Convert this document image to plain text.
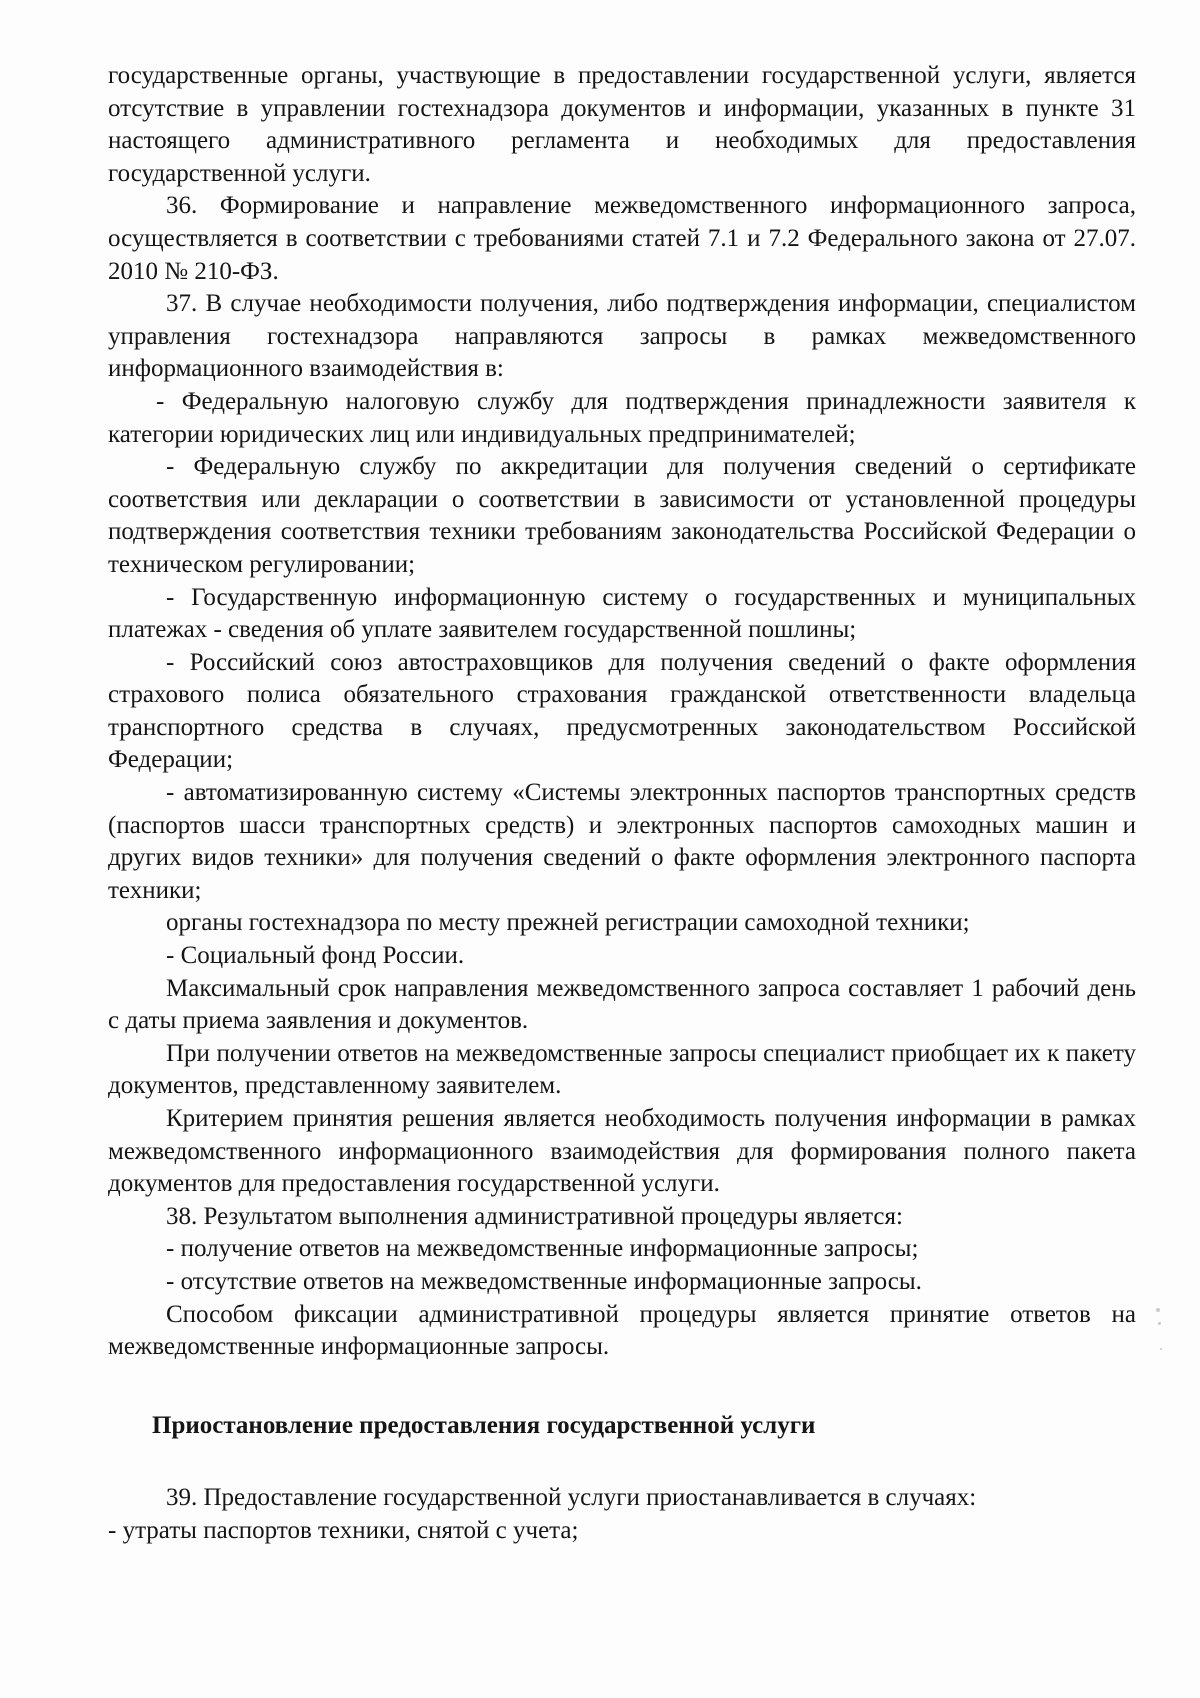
государственные органы, участвующие в предоставлении государственной услуги, является отсутствие в управлении гостехнадзора документов и информации, указанных в пункте 31 настоящего административного регламента и необходимых для предоставления государственной услуги.

36. Формирование и направление межведомственного информационного запроса, осуществляется в соответствии с требованиями статей 7.1 и 7.2 Федерального закона от 27.07. 2010 № 210-ФЗ.

37. В случае необходимости получения, либо подтверждения информации, специалистом управления гостехнадзора направляются запросы в рамках межведомственного информационного взаимодействия в:

- Федеральную налоговую службу для подтверждения принадлежности заявителя к категории юридических лиц или индивидуальных предпринимателей;

- Федеральную службу по аккредитации для получения сведений о сертификате соответствия или декларации о соответствии в зависимости от установленной процедуры подтверждения соответствия техники требованиям законодательства Российской Федерации о техническом регулировании;

- Государственную информационную систему о государственных и муниципальных платежах - сведения об уплате заявителем государственной пошлины;

- Российский союз автостраховщиков для получения сведений о факте оформления страхового полиса обязательного страхования гражданской ответственности владельца транспортного средства в случаях, предусмотренных законодательством Российской Федерации;

- автоматизированную систему «Системы электронных паспортов транспортных средств (паспортов шасси транспортных средств) и электронных паспортов самоходных машин и других видов техники» для получения сведений о факте оформления электронного паспорта техники;

органы гостехнадзора по месту прежней регистрации самоходной техники;

- Социальный фонд России.

Максимальный срок направления межведомственного запроса составляет 1 рабочий день с даты приема заявления и документов.

При получении ответов на межведомственные запросы специалист приобщает их к пакету документов, представленному заявителем.

Критерием принятия решения является необходимость получения информации в рамках межведомственного информационного взаимодействия для формирования полного пакета документов для предоставления государственной услуги.

38. Результатом выполнения административной процедуры является:

- получение ответов на межведомственные информационные запросы;

- отсутствие ответов на межведомственные информационные запросы.

Способом фиксации административной процедуры является принятие ответов на межведомственные информационные запросы.

Приостановление предоставления государственной услуги

39. Предоставление государственной услуги приостанавливается в случаях:

- утраты паспортов техники, снятой с учета;
